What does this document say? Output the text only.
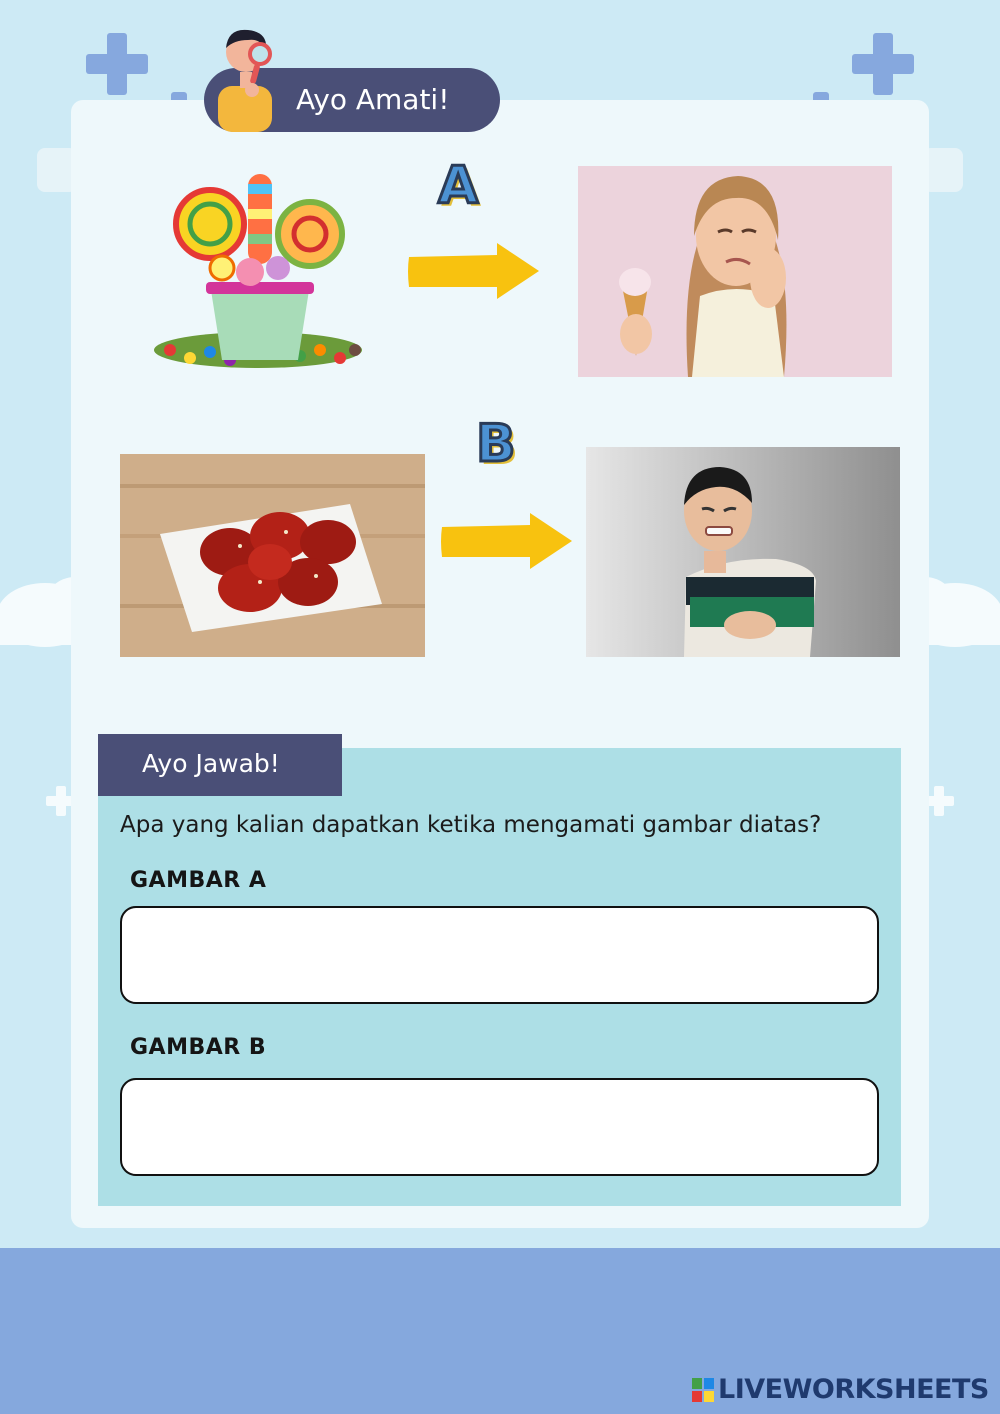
Ayo Amati!
A
B
Ayo Jawab!
Apa yang kalian dapatkan ketika mengamati gambar diatas?
GAMBAR A
GAMBAR B
LIVEWORKSHEETS
